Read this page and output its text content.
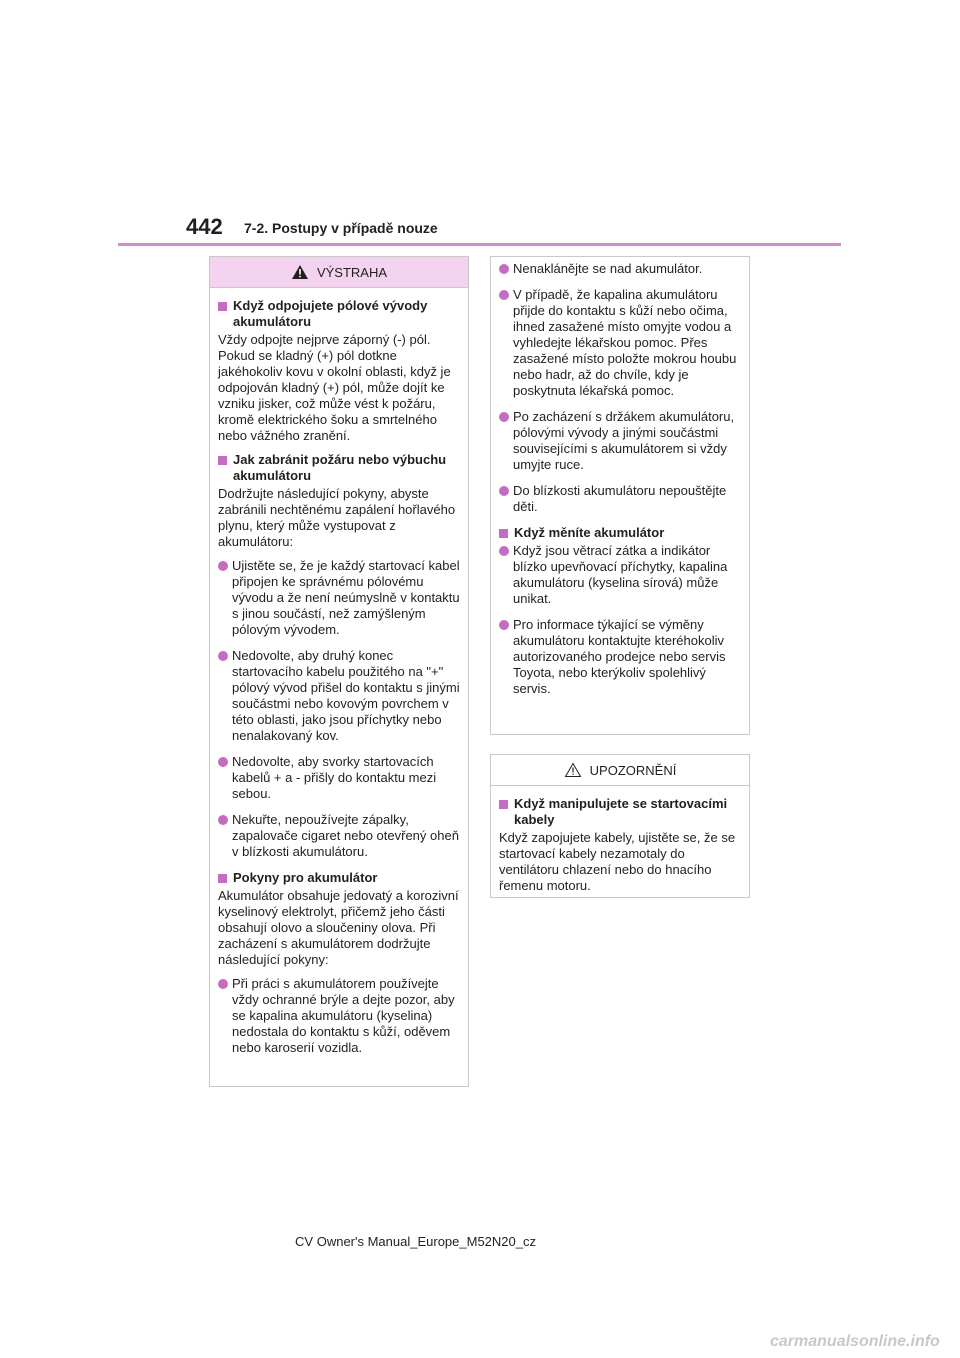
442 7-2. Postupy v případě nouze
VÝSTRAHA
Když odpojujete pólové vývody akumulátoru
Vždy odpojte nejprve záporný (-) pól. Pokud se kladný (+) pól dotkne jakéhokoliv kovu v okolní oblasti, když je odpojován kladný (+) pól, může dojít ke vzniku jisker, což může vést k požáru, kromě elektrického šoku a smrtelného nebo vážného zranění.
Jak zabránit požáru nebo výbuchu akumulátoru
Dodržujte následující pokyny, abyste zabránili nechtěnému zapálení hořlavého plynu, který může vystupovat z akumulátoru:
Ujistěte se, že je každý startovací kabel připojen ke správnému pólovému vývodu a že není neúmyslně v kontaktu s jinou součástí, než zamýšleným pólovým vývodem.
Nedovolte, aby druhý konec startovacího kabelu použitého na "+" pólový vývod přišel do kontaktu s jinými součástmi nebo kovovým povrchem v této oblasti, jako jsou příchytky nebo nenalakovaný kov.
Nedovolte, aby svorky startovacích kabelů + a - přišly do kontaktu mezi sebou.
Nekuřte, nepoužívejte zápalky, zapalovače cigaret nebo otevřený oheň v blízkosti akumulátoru.
Pokyny pro akumulátor
Akumulátor obsahuje jedovatý a korozivní kyselinový elektrolyt, přičemž jeho části obsahují olovo a sloučeniny olova. Při zacházení s akumulátorem dodržujte následující pokyny:
Při práci s akumulátorem používejte vždy ochranné brýle a dejte pozor, aby se kapalina akumulátoru (kyselina) nedostala do kontaktu s kůží, oděvem nebo karoserií vozidla.
Nenaklánějte se nad akumulátor.
V případě, že kapalina akumulátoru přijde do kontaktu s kůží nebo očima, ihned zasažené místo omyjte vodou a vyhledejte lékařskou pomoc. Přes zasažené místo položte mokrou houbu nebo hadr, až do chvíle, kdy je poskytnuta lékařská pomoc.
Po zacházení s držákem akumulátoru, pólovými vývody a jinými součástmi souvisejícími s akumulátorem si vždy umyjte ruce.
Do blízkosti akumulátoru nepouštějte děti.
Když měníte akumulátor
Když jsou větrací zátka a indikátor blízko upevňovací příchytky, kapalina akumulátoru (kyselina sírová) může unikat.
Pro informace týkající se výměny akumulátoru kontaktujte kteréhokoliv autorizovaného prodejce nebo servis Toyota, nebo kterýkoliv spolehlivý servis.
UPOZORNĚNÍ
Když manipulujete se startovacími kabely
Když zapojujete kabely, ujistěte se, že se startovací kabely nezamotaly do ventilátoru chlazení nebo do hnacího řemenu motoru.
CV Owner's Manual_Europe_M52N20_cz
carmanualsonline.info
